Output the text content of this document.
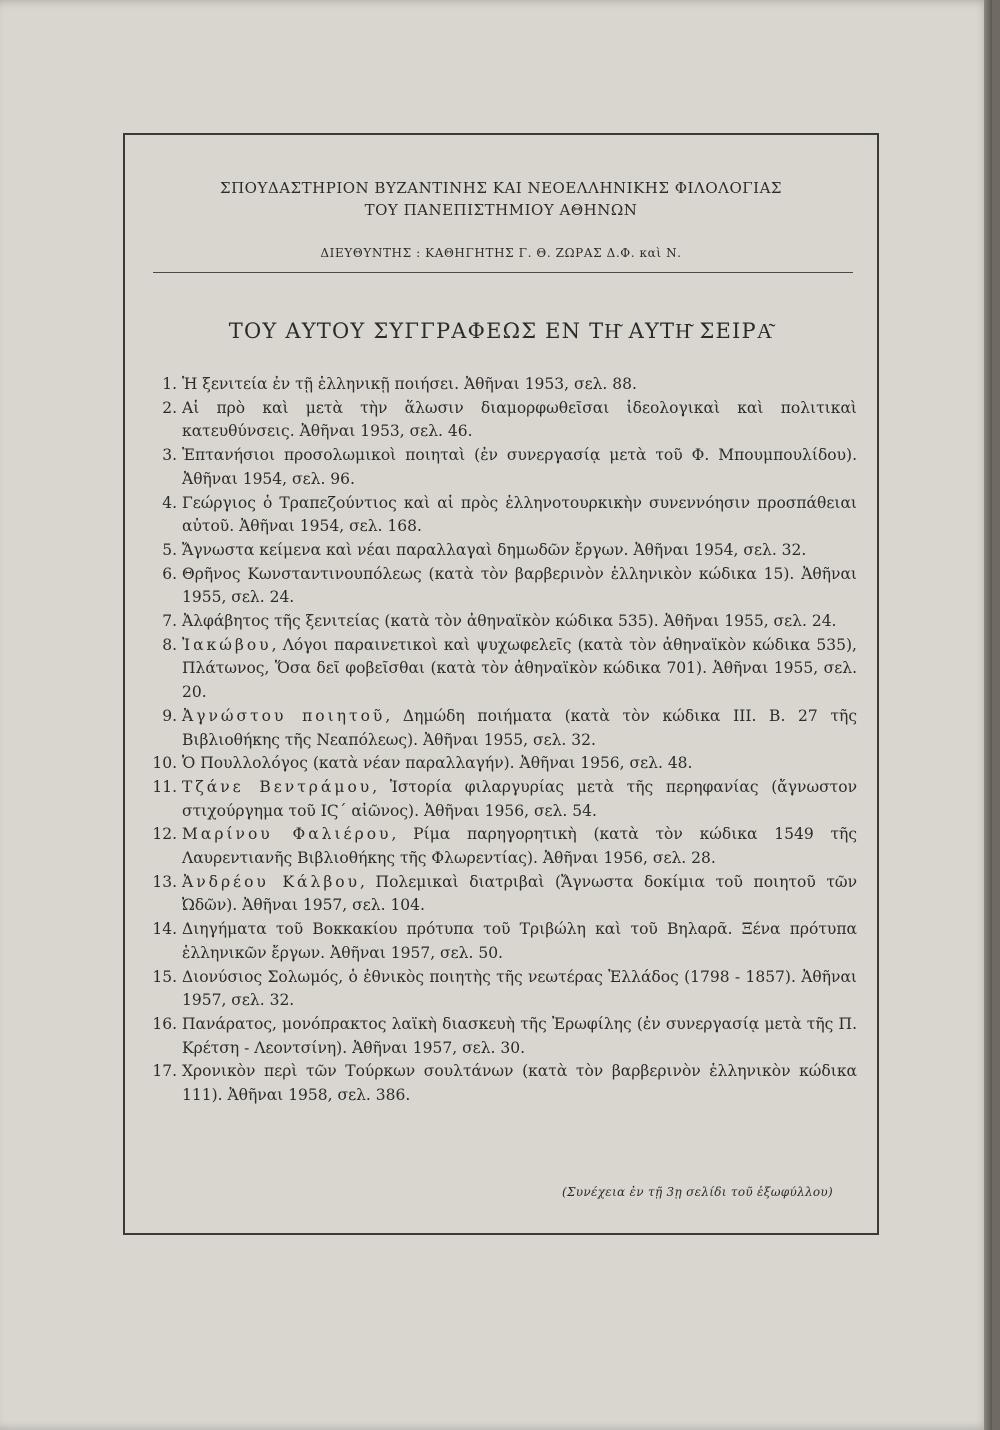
ΣΠΟΥΔΑΣΤΗΡΙΟΝ ΒΥΖΑΝΤΙΝΗΣ ΚΑΙ ΝΕΟΕΛΛΗΝΙΚΗΣ ΦΙΛΟΛΟΓΙΑΣ
ΤΟΥ ΠΑΝΕΠΙΣΤΗΜΙΟΥ ΑΘΗΝΩΝ
ΔΙΕΥΘΥΝΤΗΣ : ΚΑΘΗΓΗΤΗΣ Γ. Θ. ΖΩΡΑΣ Δ.Φ. καὶ Ν.
ΤΟΥ ΑΥΤΟΥ ΣΥΓΓΡΑΦΕΩΣ ΕΝ ΤΗ͂ ΑΥΤΗ͂ ΣΕΙΡΑ͂
1. Ἡ ξενιτεία ἐν τῇ ἑλληνικῇ ποιήσει. Ἀθῆναι 1953, σελ. 88.
2. Αἱ πρὸ καὶ μετὰ τὴν ἅλωσιν διαμορφωθεῖσαι ἰδεολογικαὶ καὶ πολιτικαὶ κατευθύνσεις. Ἀθῆναι 1953, σελ. 46.
3. Ἑπτανήσιοι προσολωμικοὶ ποιηταὶ (ἐν συνεργασίᾳ μετὰ τοῦ Φ. Μπουμπουλίδου). Ἀθῆναι 1954, σελ. 96.
4. Γεώργιος ὁ Τραπεζούντιος καὶ αἱ πρὸς ἑλληνοτουρκικὴν συνεννόησιν προσπάθειαι αὐτοῦ. Ἀθῆναι 1954, σελ. 168.
5. Ἄγνωστα κείμενα καὶ νέαι παραλλαγαὶ δημωδῶν ἔργων. Ἀθῆναι 1954, σελ. 32.
6. Θρῆνος Κωνσταντινουπόλεως (κατὰ τὸν βαρβερινὸν ἑλληνικὸν κώδικα 15). Ἀθῆναι 1955, σελ. 24.
7. Ἀλφάβητος τῆς ξενιτείας (κατὰ τὸν ἀθηναϊκὸν κώδικα 535). Ἀθῆναι 1955, σελ. 24.
8. Ἰακώβου, Λόγοι παραινετικοὶ καὶ ψυχωφελεῖς (κατὰ τὸν ἀθηναϊκὸν κώδικα 535), Πλάτωνος, Ὅσα δεῖ φοβεῖσθαι (κατὰ τὸν ἀθηναϊκὸν κώδικα 701). Ἀθῆναι 1955, σελ. 20.
9. Ἀγνώστου ποιητοῦ, Δημώδη ποιήματα (κατὰ τὸν κώδικα III. B. 27 τῆς Βιβλιοθήκης τῆς Νεαπόλεως). Ἀθῆναι 1955, σελ. 32.
10. Ὁ Πουλλολόγος (κατὰ νέαν παραλλαγήν). Ἀθῆναι 1956, σελ. 48.
11. Τζάνε Βεντράμου, Ἱστορία φιλαργυρίας μετὰ τῆς περηφανίας (ἄγνωστον στιχούργημα τοῦ ΙϚ΄ αἰῶνος). Ἀθῆναι 1956, σελ. 54.
12. Μαρίνου Φαλιέρου, Ρίμα παρηγορητικὴ (κατὰ τὸν κώδικα 1549 τῆς Λαυρεντιανῆς Βιβλιοθήκης τῆς Φλωρεντίας). Ἀθῆναι 1956, σελ. 28.
13. Ἀνδρέου Κάλβου, Πολεμικαὶ διατριβαὶ (Ἄγνωστα δοκίμια τοῦ ποιητοῦ τῶν Ὠδῶν). Ἀθῆναι 1957, σελ. 104.
14. Διηγήματα τοῦ Βοκκακίου πρότυπα τοῦ Τριβώλη καὶ τοῦ Βηλαρᾶ. Ξένα πρότυπα ἑλληνικῶν ἔργων. Ἀθῆναι 1957, σελ. 50.
15. Διονύσιος Σολωμός, ὁ ἐθνικὸς ποιητὴς τῆς νεωτέρας Ἑλλάδος (1798 - 1857). Ἀθῆναι 1957, σελ. 32.
16. Πανάρατος, μονόπρακτος λαϊκὴ διασκευὴ τῆς Ἐρωφίλης (ἐν συνεργασίᾳ μετὰ τῆς Π. Κρέτση - Λεοντσίνη). Ἀθῆναι 1957, σελ. 30.
17. Χρονικὸν περὶ τῶν Τούρκων σουλτάνων (κατὰ τὸν βαρβερινὸν ἑλληνικὸν κώδικα 111). Ἀθῆναι 1958, σελ. 386.
(Συνέχεια ἐν τῇ 3ῃ σελίδι τοῦ ἐξωφύλλου)
